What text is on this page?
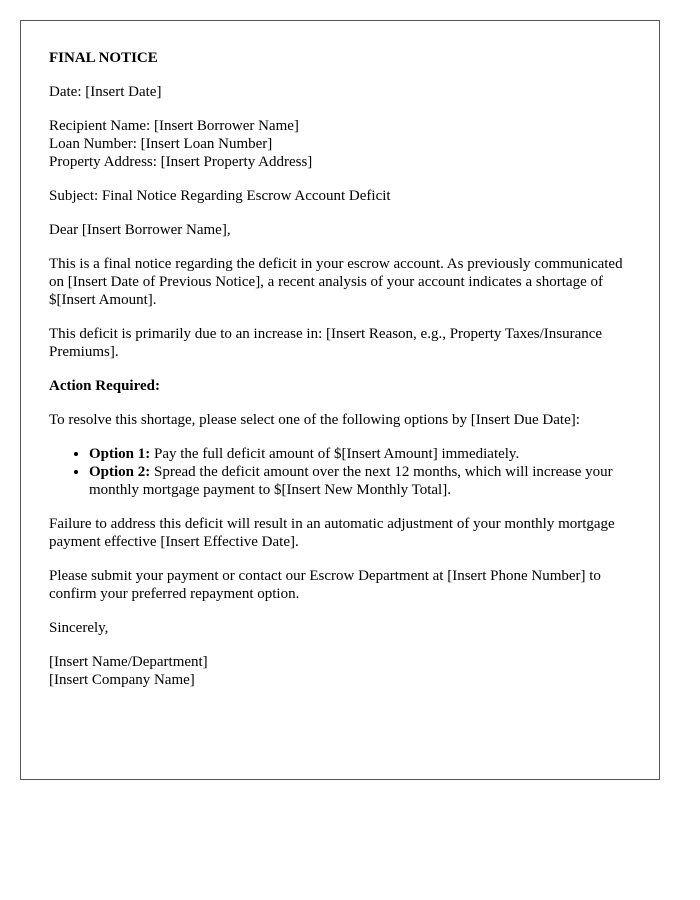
FINAL NOTICE

Date: [Insert Date]

Recipient Name: [Insert Borrower Name]
Loan Number: [Insert Loan Number]
Property Address: [Insert Property Address]

Subject: Final Notice Regarding Escrow Account Deficit

Dear [Insert Borrower Name],

This is a final notice regarding the deficit in your escrow account. As previously communicated on [Insert Date of Previous Notice], a recent analysis of your account indicates a shortage of $[Insert Amount].

This deficit is primarily due to an increase in: [Insert Reason, e.g., Property Taxes/Insurance Premiums].

Action Required:

To resolve this shortage, please select one of the following options by [Insert Due Date]:

• Option 1: Pay the full deficit amount of $[Insert Amount] immediately.
• Option 2: Spread the deficit amount over the next 12 months, which will increase your monthly mortgage payment to $[Insert New Monthly Total].

Failure to address this deficit will result in an automatic adjustment of your monthly mortgage payment effective [Insert Effective Date].

Please submit your payment or contact our Escrow Department at [Insert Phone Number] to confirm your preferred repayment option.

Sincerely,

[Insert Name/Department]
[Insert Company Name]
